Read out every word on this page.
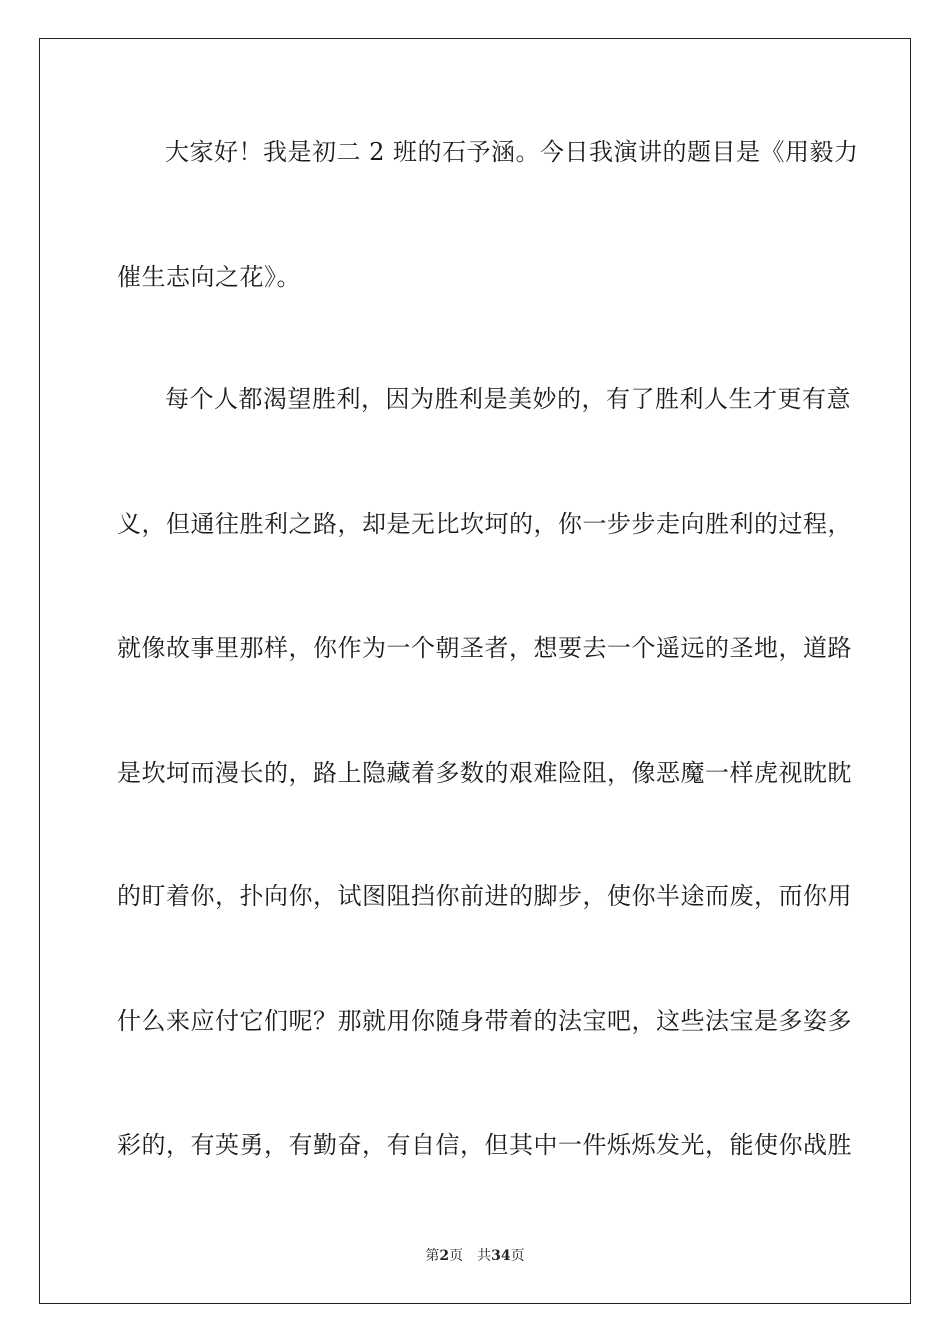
大家好！我是初二 2 班的石予涵。今日我演讲的题目是《用毅力
催生志向之花》。
每个人都渴望胜利，因为胜利是美妙的，有了胜利人生才更有意
义，但通往胜利之路，却是无比坎坷的，你一步步走向胜利的过程，
就像故事里那样，你作为一个朝圣者，想要去一个遥远的圣地，道路
是坎坷而漫长的，路上隐藏着多数的艰难险阻，像恶魔一样虎视眈眈
的盯着你，扑向你，试图阻挡你前进的脚步，使你半途而废，而你用
什么来应付它们呢？那就用你随身带着的法宝吧，这些法宝是多姿多
彩的，有英勇，有勤奋，有自信，但其中一件烁烁发光，能使你战胜
第2页 共34页
